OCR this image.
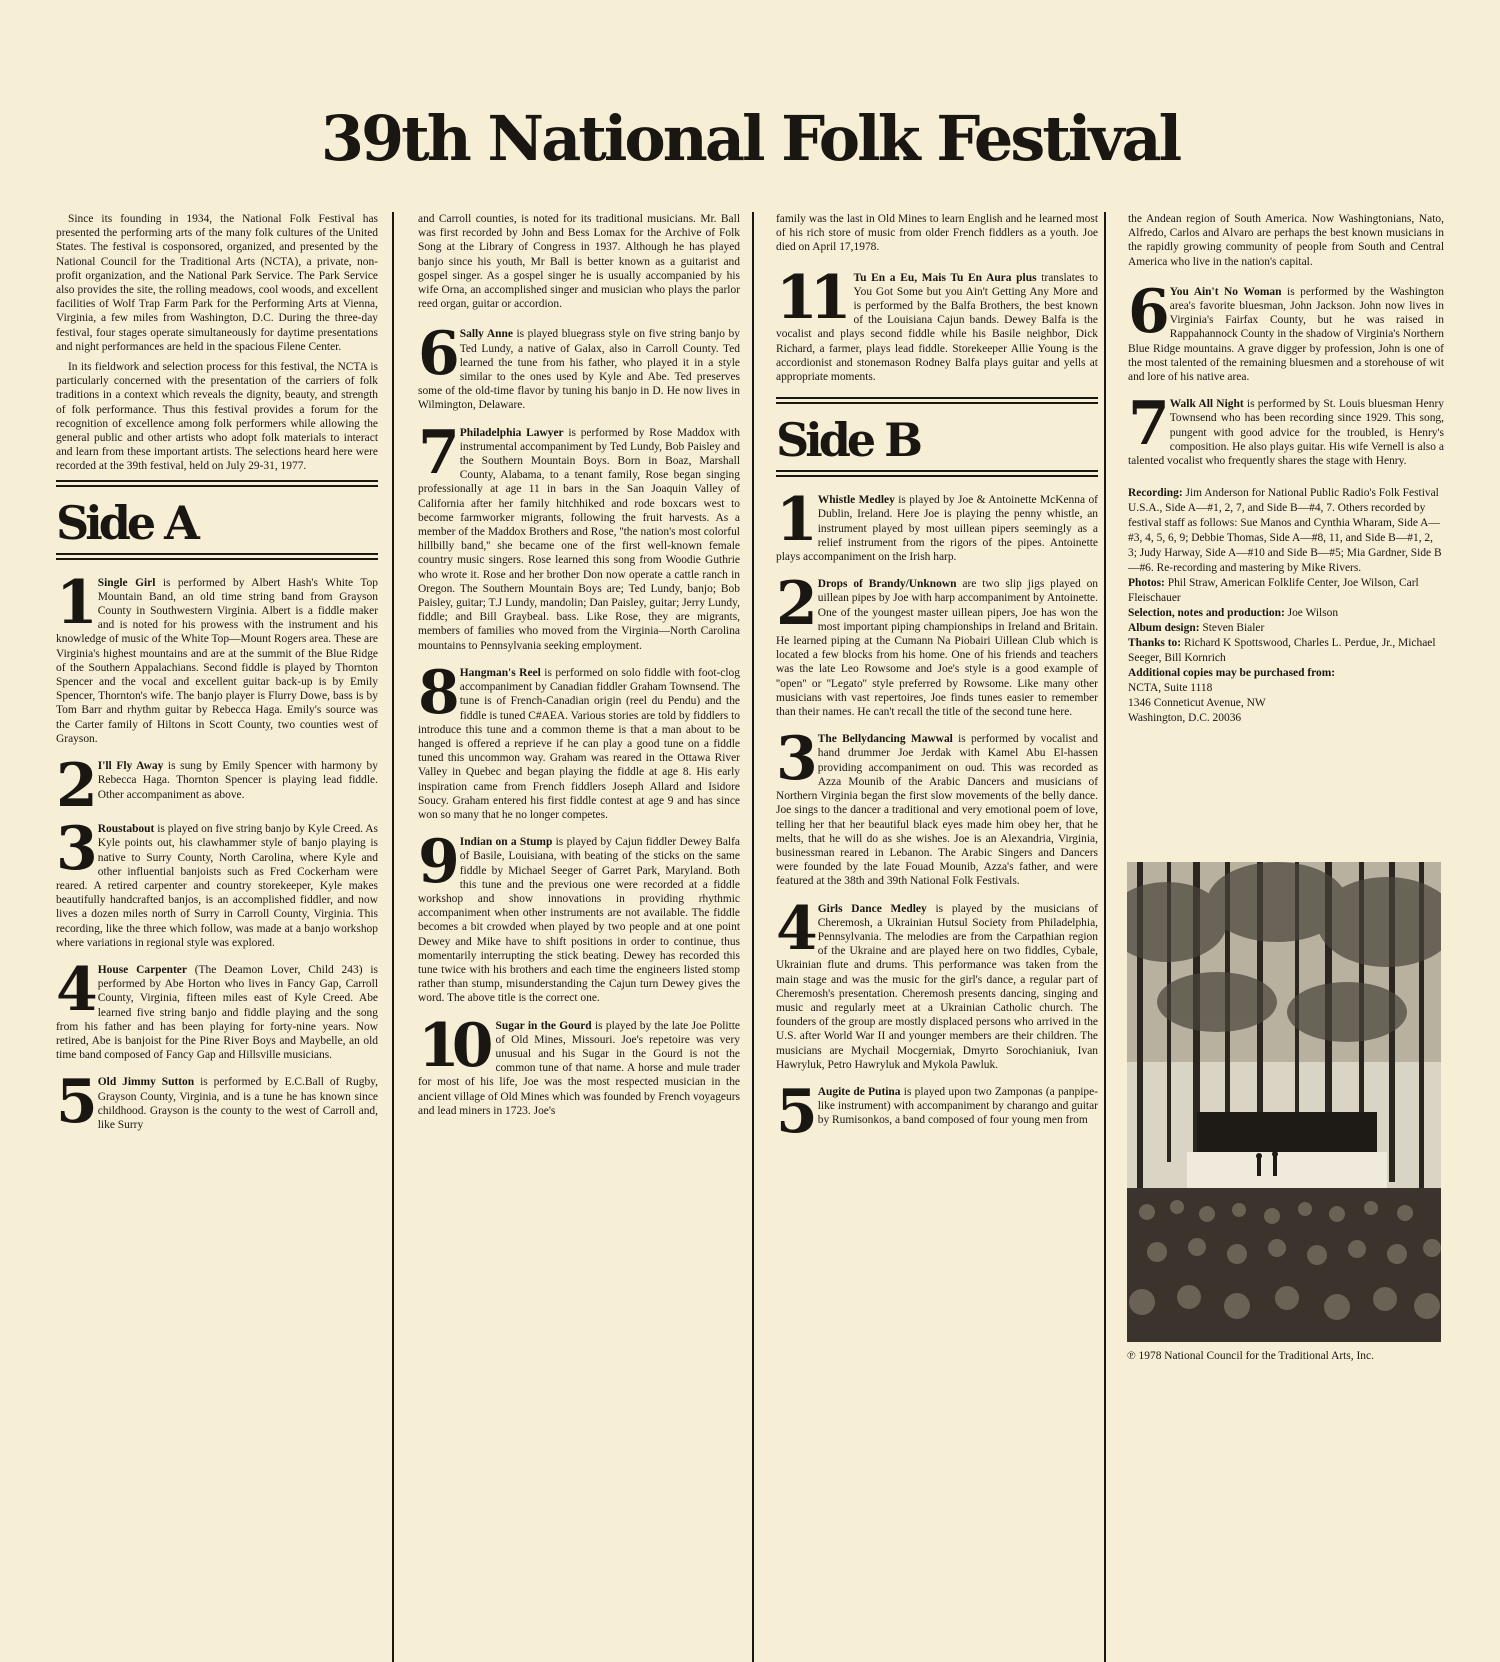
39th National Folk Festival

Since its founding in 1934, the National Folk Festival has presented the performing arts of the many folk cultures of the United States. The festival is cosponsored, organized, and presented by the National Council for the Traditional Arts (NCTA), a private, non-profit organization, and the National Park Service. The Park Service also provides the site, the rolling meadows, cool woods, and excellent facilities of Wolf Trap Farm Park for the Performing Arts at Vienna, Virginia, a few miles from Washington, D.C. During the three-day festival, four stages operate simultaneously for daytime presentations and night performances are held in the spacious Filene Center.

In its fieldwork and selection process for this festival, the NCTA is particularly concerned with the presentation of the carriers of folk traditions in a context which reveals the dignity, beauty, and strength of folk performance. Thus this festival provides a forum for the recognition of excellence among folk performers while allowing the general public and other artists who adopt folk materials to interact and learn from these important artists. The selections heard here were recorded at the 39th festival, held on July 29-31, 1977.

Side A
1 Single Girl is performed by Albert Hash's White Top Mountain Band, an old time string band from Grayson County in Southwestern Virginia. Albert is a fiddle maker and is noted for his prowess with the instrument and his knowledge of music of the White Top—Mount Rogers area. These are Virginia's highest mountains and are at the summit of the Blue Ridge of the Southern Appalachians. Second fiddle is played by Thornton Spencer and the vocal and excellent guitar back-up is by Emily Spencer, Thornton's wife. The banjo player is Flurry Dowe, bass is by Tom Barr and rhythm guitar by Rebecca Haga. Emily's source was the Carter family of Hiltons in Scott County, two counties west of Grayson.
2 I'll Fly Away is sung by Emily Spencer with harmony by Rebecca Haga. Thornton Spencer is playing lead fiddle. Other accompaniment as above.
3 Roustabout is played on five string banjo by Kyle Creed. As Kyle points out, his clawhammer style of banjo playing is native to Surry County, North Carolina, where Kyle and other influential banjoists such as Fred Cockerham were reared. A retired carpenter and country storekeeper, Kyle makes beautifully handcrafted banjos, is an accomplished fiddler, and now lives a dozen miles north of Surry in Carroll County, Virginia. This recording, like the three which follow, was made at a banjo workshop where variations in regional style was explored.
4 House Carpenter (The Deamon Lover, Child 243) is performed by Abe Horton who lives in Fancy Gap, Carroll County, Virginia, fifteen miles east of Kyle Creed. Abe learned five string banjo and fiddle playing and the song from his father and has been playing for forty-nine years. Now retired, Abe is banjoist for the Pine River Boys and Maybelle, an old time band composed of Fancy Gap and Hillsville musicians.
5 Old Jimmy Sutton is performed by E.C.Ball of Rugby, Grayson County, Virginia, and is a tune he has known since childhood. Grayson is the county to the west of Carroll and, like Surry

and Carroll counties, is noted for its traditional musicians. Mr. Ball was first recorded by John and Bess Lomax for the Archive of Folk Song at the Library of Congress in 1937. Although he has played banjo since his youth, Mr Ball is better known as a guitarist and gospel singer. As a gospel singer he is usually accompanied by his wife Orna, an accomplished singer and musician who plays the parlor reed organ, guitar or accordion.

6 Sally Anne is played bluegrass style on five string banjo by Ted Lundy, a native of Galax, also in Carroll County. Ted learned the tune from his father, who played it in a style similar to the ones used by Kyle and Abe. Ted preserves some of the old-time flavor by tuning his banjo in D. He now lives in Wilmington, Delaware.
7 Philadelphia Lawyer is performed by Rose Maddox with instrumental accompaniment by Ted Lundy, Bob Paisley and the Southern Mountain Boys. Born in Boaz, Marshall County, Alabama, to a tenant family, Rose began singing professionally at age 11 in bars in the San Joaquin Valley of California after her family hitchhiked and rode boxcars west to become farmworker migrants, following the fruit harvests. As a member of the Maddox Brothers and Rose, ''the nation's most colorful hillbilly band,'' she became one of the first well-known female country music singers. Rose learned this song from Woodie Guthrie who wrote it. Rose and her brother Don now operate a cattle ranch in Oregon. The Southern Mountain Boys are; Ted Lundy, banjo; Bob Paisley, guitar; T.J Lundy, mandolin; Dan Paisley, guitar; Jerry Lundy, fiddle; and Bill Graybeal. bass. Like Rose, they are migrants, members of families who moved from the Virginia—North Carolina mountains to Pennsylvania seeking employment.
8 Hangman's Reel is performed on solo fiddle with foot-clog accompaniment by Canadian fiddler Graham Townsend. The tune is of French-Canadian origin (reel du Pendu) and the fiddle is tuned C#AEA. Various stories are told by fiddlers to introduce this tune and a common theme is that a man about to be hanged is offered a reprieve if he can play a good tune on a fiddle tuned this uncommon way. Graham was reared in the Ottawa River Valley in Quebec and began playing the fiddle at age 8. His early inspiration came from French fiddlers Joseph Allard and Isidore Soucy. Graham entered his first fiddle contest at age 9 and has since won so many that he no longer competes.
9 Indian on a Stump is played by Cajun fiddler Dewey Balfa of Basile, Louisiana, with beating of the sticks on the same fiddle by Michael Seeger of Garret Park, Maryland. Both this tune and the previous one were recorded at a fiddle workshop and show innovations in providing rhythmic accompaniment when other instruments are not available. The fiddle becomes a bit crowded when played by two people and at one point Dewey and Mike have to shift positions in order to continue, thus momentarily interrupting the stick beating. Dewey has recorded this tune twice with his brothers and each time the engineers listed stomp rather than stump, misunderstanding the Cajun turn Dewey gives the word. The above title is the correct one.
10 Sugar in the Gourd is played by the late Joe Politte of Old Mines, Missouri. Joe's repetoire was very unusual and his Sugar in the Gourd is not the common tune of that name. A horse and mule trader for most of his life, Joe was the most respected musician in the ancient village of Old Mines which was founded by French voyageurs and lead miners in 1723. Joe's

family was the last in Old Mines to learn English and he learned most of his rich store of music from older French fiddlers as a youth. Joe died on April 17,1978.

11 Tu En a Eu, Mais Tu En Aura plus translates to You Got Some but you Ain't Getting Any More and is performed by the Balfa Brothers, the best known of the Louisiana Cajun bands. Dewey Balfa is the vocalist and plays second fiddle while his Basile neighbor, Dick Richard, a farmer, plays lead fiddle. Storekeeper Allie Young is the accordionist and stonemason Rodney Balfa plays guitar and yells at appropriate moments.
Side B
1 Whistle Medley is played by Joe & Antoinette McKenna of Dublin, Ireland. Here Joe is playing the penny whistle, an instrument played by most uillean pipers seemingly as a relief instrument from the rigors of the pipes. Antoinette plays accompaniment on the Irish harp.
2 Drops of Brandy/Unknown are two slip jigs played on uillean pipes by Joe with harp accompaniment by Antoinette. One of the youngest master uillean pipers, Joe has won the most important piping championships in Ireland and Britain. He learned piping at the Cumann Na Piobairi Uillean Club which is located a few blocks from his home. One of his friends and teachers was the late Leo Rowsome and Joe's style is a good example of ''open'' or ''Legato'' style preferred by Rowsome. Like many other musicians with vast repertoires, Joe finds tunes easier to remember than their names. He can't recall the title of the second tune here.
3 The Bellydancing Mawwal is performed by vocalist and hand drummer Joe Jerdak with Kamel Abu El-hassen providing accompaniment on oud. This was recorded as Azza Mounib of the Arabic Dancers and musicians of Northern Virginia began the first slow movements of the belly dance. Joe sings to the dancer a traditional and very emotional poem of love, telling her that her beautiful black eyes made him obey her, that he melts, that he will do as she wishes. Joe is an Alexandria, Virginia, businessman reared in Lebanon. The Arabic Singers and Dancers were founded by the late Fouad Mounib, Azza's father, and were featured at the 38th and 39th National Folk Festivals.
4 Girls Dance Medley is played by the musicians of Cheremosh, a Ukrainian Hutsul Society from Philadelphia, Pennsylvania. The melodies are from the Carpathian region of the Ukraine and are played here on two fiddles, Cybale, Ukrainian flute and drums. This performance was taken from the main stage and was the music for the girl's dance, a regular part of Cheremosh's presentation. Cheremosh presents dancing, singing and music and regularly meet at a Ukrainian Catholic church. The founders of the group are mostly displaced persons who arrived in the U.S. after World War II and younger members are their children. The musicians are Mychail Mocgerniak, Dmyrto Sorochianiuk, Ivan Hawryluk, Petro Hawryluk and Mykola Pawluk.
5 Augite de Putina is played upon two Zamponas (a panpipe-like instrument) with accompaniment by charango and guitar by Rumisonkos, a band composed of four young men from

the Andean region of South America. Now Washingtonians, Nato, Alfredo, Carlos and Alvaro are perhaps the best known musicians in the rapidly growing community of people from South and Central America who live in the nation's capital.

6 You Ain't No Woman is performed by the Washington area's favorite bluesman, John Jackson. John now lives in Virginia's Fairfax County, but he was raised in Rappahannock County in the shadow of Virginia's Northern Blue Ridge mountains. A grave digger by profession, John is one of the most talented of the remaining bluesmen and a storehouse of wit and lore of his native area.
7 Walk All Night is performed by St. Louis bluesman Henry Townsend who has been recording since 1929. This song, pungent with good advice for the troubled, is Henry's composition. He also plays guitar. His wife Vernell is also a talented vocalist who frequently shares the stage with Henry.
Recording: Jim Anderson for National Public Radio's Folk Festival U.S.A., Side A—#1, 2, 7, and Side B—#4, 7. Others recorded by festival staff as follows: Sue Manos and Cynthia Wharam, Side A—#3, 4, 5, 6, 9; Debbie Thomas, Side A—#8, 11, and Side B—#1, 2, 3; Judy Harway, Side A—#10 and Side B—#5; Mia Gardner, Side B—#6. Re-recording and mastering by Mike Rivers.
Photos: Phil Straw, American Folklife Center, Joe Wilson, Carl Fleischauer
Selection, notes and production: Joe Wilson
Album design: Steven Bialer
Thanks to: Richard K Spottswood, Charles L. Perdue, Jr., Michael Seeger, Bill Kornrich
Additional copies may be purchased from:
NCTA, Suite 1118
1346 Conneticut Avenue, NW
Washington, D.C. 20036
℗ 1978 National Council for the Traditional Arts, Inc.
